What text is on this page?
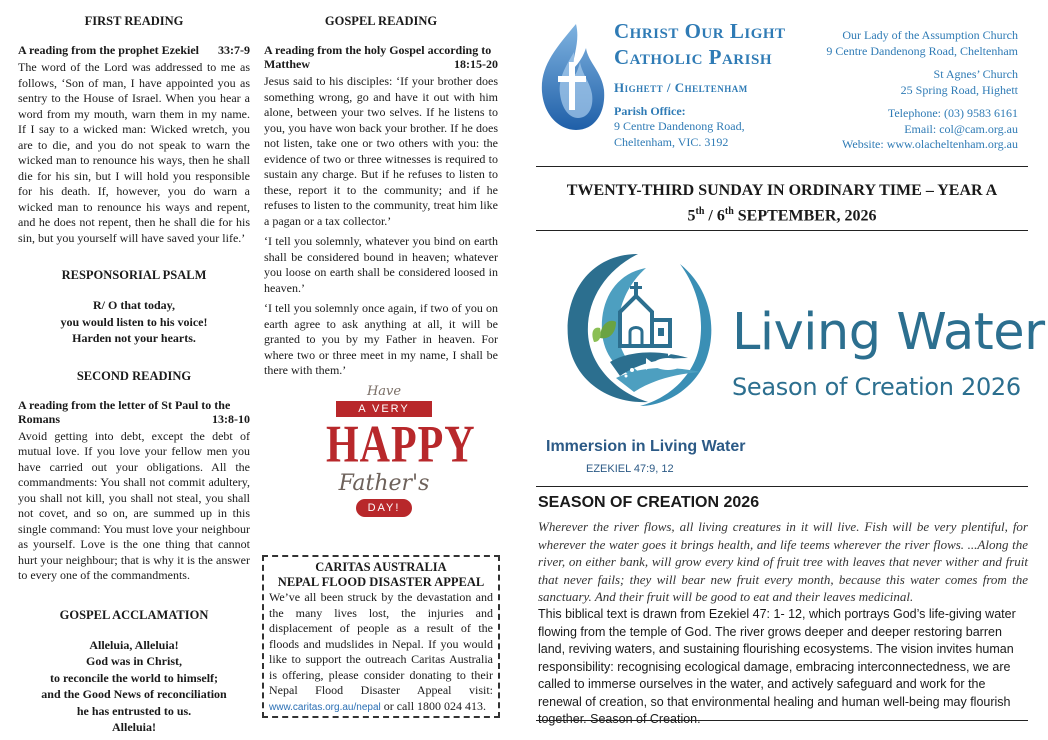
FIRST READING
A reading from the prophet Ezekiel 33:7-9
The word of the Lord was addressed to me as follows, ‘Son of man, I have appointed you as sentry to the House of Israel. When you hear a word from my mouth, warn them in my name. If I say to a wicked man: Wicked wretch, you are to die, and you do not speak to warn the wicked man to renounce his ways, then he shall die for his sin, but I will hold you responsible for his death. If, however, you do warn a wicked man to renounce his ways and repent, and he does not repent, then he shall die for his sin, but you yourself will have saved your life.’
RESPONSORIAL PSALM
R/ O that today,
you would listen to his voice!
Harden not your hearts.
SECOND READING
A reading from the letter of St Paul to the Romans	13:8-10
Avoid getting into debt, except the debt of mutual love. If you love your fellow men you have carried out your obligations. All the commandments: You shall not commit adultery, you shall not kill, you shall not steal, you shall not covet, and so on, are summed up in this single command: You must love your neighbour as yourself. Love is the one thing that cannot hurt your neighbour; that is why it is the answer to every one of the commandments.
GOSPEL ACCLAMATION
Alleluia, Alleluia!
God was in Christ,
to reconcile the world to himself;
and the Good News of reconciliation
he has entrusted to us.
Alleluia!
GOSPEL READING
A reading from the holy Gospel according to Matthew	18:15-20

Jesus said to his disciples: ‘If your brother does something wrong, go and have it out with him alone, between your two selves. If he listens to you, you have won back your brother. If he does not listen, take one or two others with you: the evidence of two or three witnesses is required to sustain any charge. But if he refuses to listen to these, report it to the community; and if he refuses to listen to the community, treat him like a pagan or a tax collector.’

‘I tell you solemnly, whatever you bind on earth shall be considered bound in heaven; whatever you loose on earth shall be considered loosed in heaven.’

‘I tell you solemnly once again, if two of you on earth agree to ask anything at all, it will be granted to you by my Father in heaven. For where two or three meet in my name, I shall be there with them.’

Have
A VERY
HAPPY
Father's
DAY!
CARITAS AUSTRALIA
NEPAL FLOOD DISASTER APPEAL
We’ve all been struck by the devastation and the many lives lost, the injuries and displacement of people as a result of the floods and mudslides in Nepal. If you would like to support the outreach Caritas Australia is offering, please consider donating to their Nepal Flood Disaster Appeal visit: www.caritas.org.au/nepal or call 1800 024 413.
Christ Our Light
Catholic Parish
Highett / Cheltenham
Parish Office:
9 Centre Dandenong Road,
Cheltenham, VIC. 3192
Our Lady of the Assumption Church
9 Centre Dandenong Road, Cheltenham
St Agnes’ Church
25 Spring Road, Highett
Telephone: (03) 9583 6161
Email: col@cam.org.au
Website: www.olacheltenham.org.au
TWENTY-THIRD SUNDAY IN ORDINARY TIME – YEAR A
5th / 6th SEPTEMBER, 2026
Living Water
Season of Creation 2026
Immersion in Living Water
EZEKIEL 47:9, 12
SEASON OF CREATION 2026
Wherever the river flows, all living creatures in it will live. Fish will be very plentiful, for wherever the water goes it brings health, and life teems wherever the river flows. ...Along the river, on either bank, will grow every kind of fruit tree with leaves that never wither and fruit that never fails; they will bear new fruit every month, because this water comes from the sanctuary. And their fruit will be good to eat and their leaves medicinal.
This biblical text is drawn from Ezekiel 47: 1- 12, which portrays God’s life-giving water flowing from the temple of God. The river grows deeper and deeper restoring barren land, reviving waters, and sustaining flourishing ecosystems. The vision invites human responsibility: recognising ecological damage, embracing interconnectedness, we are called to immerse ourselves in the water, and actively safeguard and work for the renewal of creation, so that environmental healing and human well-being may flourish together. Season of Creation.
